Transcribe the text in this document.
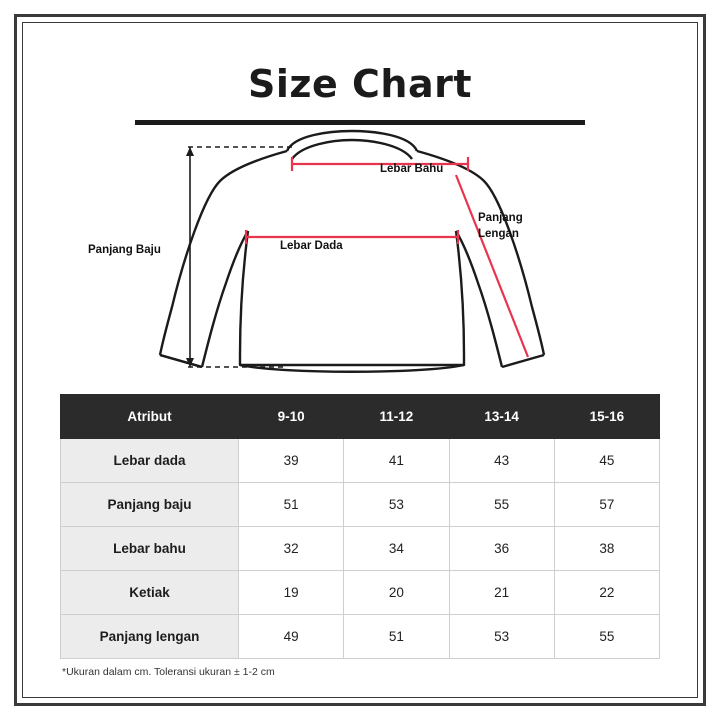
Size Chart
Lebar Bahu
Lebar Dada
Panjang
Lengan
Panjang Baju
Atribut	9-10	11-12	13-14	15-16
Lebar dada	39	41	43	45
Panjang baju	51	53	55	57
Lebar bahu	32	34	36	38
Ketiak	19	20	21	22
Panjang lengan	49	51	53	55
*Ukuran dalam cm. Toleransi ukuran ± 1-2 cm
